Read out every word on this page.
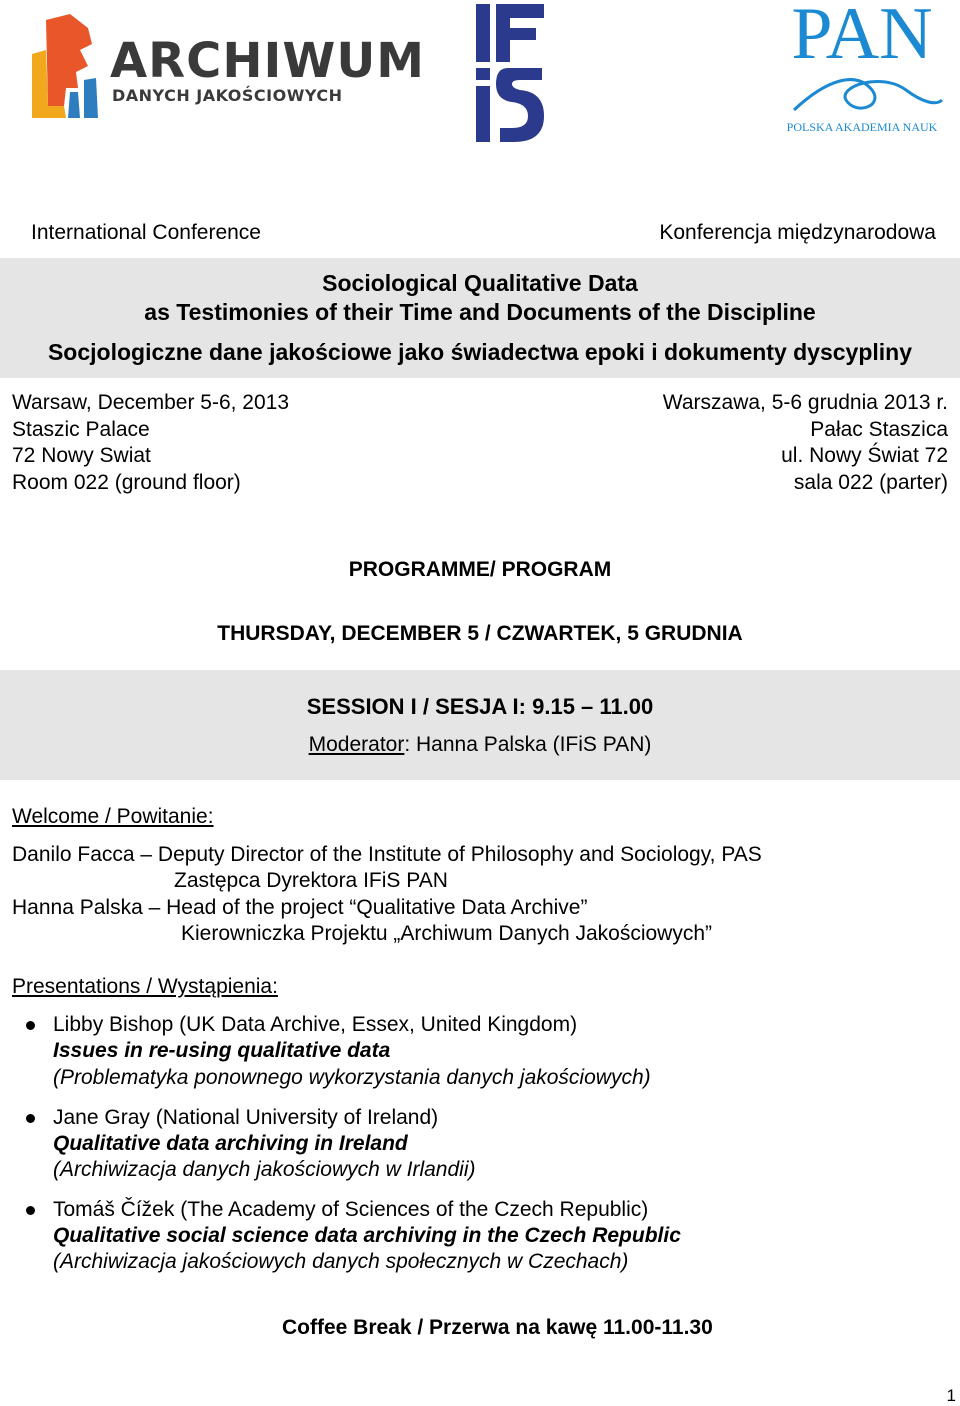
ARCHIWUM
DANYCH JAKOŚCIOWYCH
PAN
POLSKA AKADEMIA NAUK
International Conference	Konferencja międzynarodowa
Sociological Qualitative Data
as Testimonies of their Time and Documents of the Discipline
Socjologiczne dane jakościowe jako świadectwa epoki i dokumenty dyscypliny
Warsaw, December 5-6, 2013
Staszic Palace
72 Nowy Swiat
Room 022 (ground floor)
Warszawa, 5-6 grudnia 2013 r.
Pałac Staszica
ul. Nowy Świat 72
sala 022 (parter)
PROGRAMME/ PROGRAM
THURSDAY, DECEMBER 5 / CZWARTEK, 5 GRUDNIA
SESSION I / SESJA I: 9.15 – 11.00
Moderator: Hanna Palska (IFiS PAN)
Welcome / Powitanie:
Danilo Facca – Deputy Director of the Institute of Philosophy and Sociology, PAS
Zastępca Dyrektora IFiS PAN
Hanna Palska – Head of the project “Qualitative Data Archive”
Kierowniczka Projektu „Archiwum Danych Jakościowych”
Presentations / Wystąpienia:
Libby Bishop (UK Data Archive, Essex, United Kingdom)
Issues in re-using qualitative data
(Problematyka ponownego wykorzystania danych jakościowych)
Jane Gray (National University of Ireland)
Qualitative data archiving in Ireland
(Archiwizacja danych jakościowych w Irlandii)
Tomáš Čížek (The Academy of Sciences of the Czech Republic)
Qualitative social science data archiving in the Czech Republic
(Archiwizacja jakościowych danych społecznych w Czechach)
Coffee Break / Przerwa na kawę 11.00-11.30
1
